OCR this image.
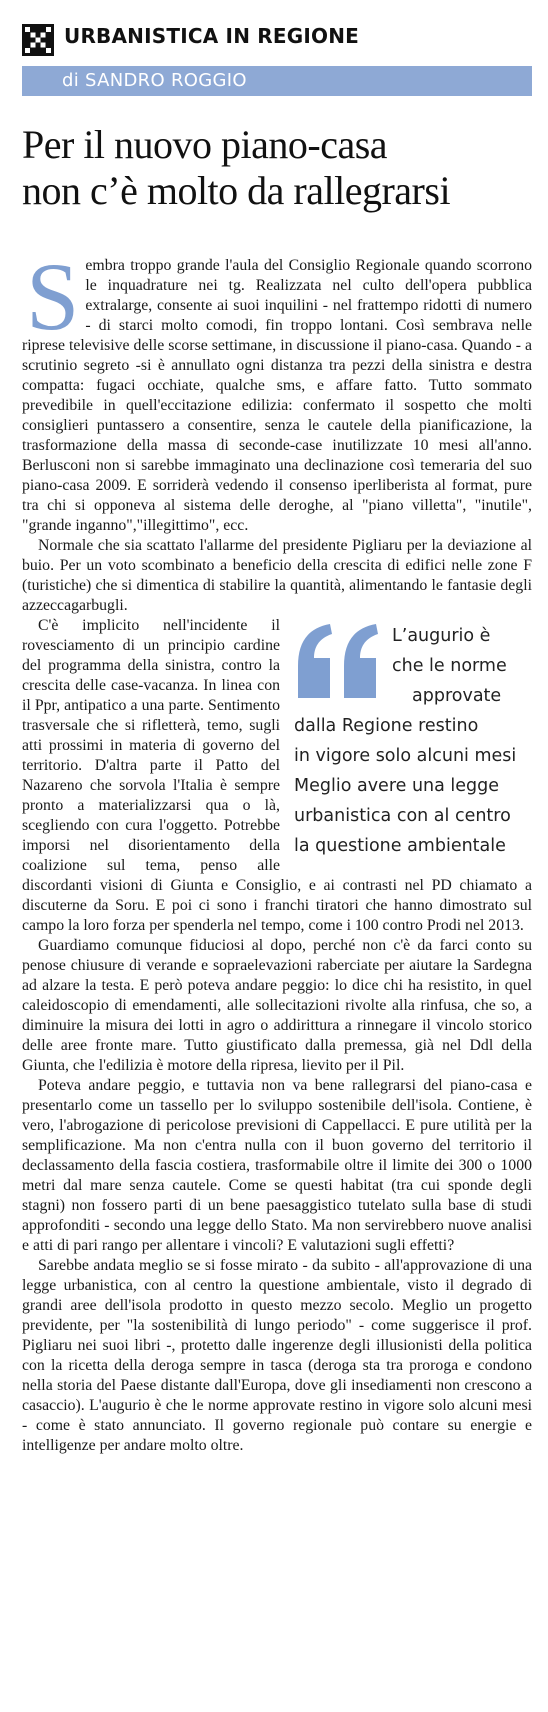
URBANISTICA IN REGIONE
di SANDRO ROGGIO
Per il nuovo piano-casa
non c’è molto da rallegrarsi
S embra troppo grande l'aula del Consiglio Regionale quando scorrono le inquadrature nei tg. Realizzata nel culto dell'opera pubblica extralarge, consente ai suoi inquilini - nel frattempo ridotti di numero - di starci molto comodi, fin troppo lontani. Così sembrava nelle riprese televisive delle scorse settimane, in discussione il piano-casa. Quando - a scrutinio segreto -si è annullato ogni distanza tra pezzi della sinistra e destra compatta: fugaci occhiate, qualche sms, e affare fatto. Tutto sommato prevedibile in quell'eccitazione edilizia: confermato il sospetto che molti consiglieri puntassero a consentire, senza le cautele della pianificazione, la trasformazione della massa di seconde-case inutilizzate 10 mesi all'anno. Berlusconi non si sarebbe immaginato una declinazione così temeraria del suo piano-casa 2009. E sorriderà vedendo il consenso iperliberista al format, pure tra chi si opponeva al sistema delle deroghe, al "piano villetta", "inutile", "grande inganno","illegittimo", ecc.

Normale che sia scattato l'allarme del presidente Pigliaru per la deviazione al buio. Per un voto scombinato a beneficio della crescita di edifici nelle zone F (turistiche) che si dimentica di stabilire la quantità, alimentando le fantasie degli azzeccagarbugli.

L’augurio è
che le norme
approvate
dalla Regione restino
in vigore solo alcuni mesi
Meglio avere una legge
urbanistica con al centro
la questione ambientale

C'è implicito nell'incidente il rovesciamento di un principio cardine del programma della sinistra, contro la crescita delle case-vacanza. In linea con il Ppr, antipatico a una parte. Sentimento trasversale che si rifletterà, temo, sugli atti prossimi in materia di governo del territorio. D'altra parte il Patto del Nazareno che sorvola l'Italia è sempre pronto a materializzarsi qua o là, scegliendo con cura l'oggetto. Potrebbe imporsi nel disorientamento della coalizione sul tema, penso alle discordanti visioni di Giunta e Consiglio, e ai contrasti nel PD chiamato a discuterne da Soru. E poi ci sono i franchi tiratori che hanno dimostrato sul campo la loro forza per spenderla nel tempo, come i 100 contro Prodi nel 2013.

Guardiamo comunque fiduciosi al dopo, perché non c'è da farci conto su penose chiusure di verande e sopraelevazioni raberciate per aiutare la Sardegna ad alzare la testa. E però poteva andare peggio: lo dice chi ha resistito, in quel caleidoscopio di emendamenti, alle sollecitazioni rivolte alla rinfusa, che so, a diminuire la misura dei lotti in agro o addirittura a rinnegare il vincolo storico delle aree fronte mare. Tutto giustificato dalla premessa, già nel Ddl della Giunta, che l'edilizia è motore della ripresa, lievito per il Pil.

Poteva andare peggio, e tuttavia non va bene rallegrarsi del piano-casa e presentarlo come un tassello per lo sviluppo sostenibile dell'isola. Contiene, è vero, l'abrogazione di pericolose previsioni di Cappellacci. E pure utilità per la semplificazione. Ma non c'entra nulla con il buon governo del territorio il declassamento della fascia costiera, trasformabile oltre il limite dei 300 o 1000 metri dal mare senza cautele. Come se questi habitat (tra cui sponde degli stagni) non fossero parti di un bene paesaggistico tutelato sulla base di studi approfonditi - secondo una legge dello Stato. Ma non servirebbero nuove analisi e atti di pari rango per allentare i vincoli? E valutazioni sugli effetti?

Sarebbe andata meglio se si fosse mirato - da subito - all'approvazione di una legge urbanistica, con al centro la questione ambientale, visto il degrado di grandi aree dell'isola prodotto in questo mezzo secolo. Meglio un progetto previdente, per "la sostenibilità di lungo periodo" - come suggerisce il prof. Pigliaru nei suoi libri -, protetto dalle ingerenze degli illusionisti della politica con la ricetta della deroga sempre in tasca (deroga sta tra proroga e condono nella storia del Paese distante dall'Europa, dove gli insediamenti non crescono a casaccio). L'augurio è che le norme approvate restino in vigore solo alcuni mesi - come è stato annunciato. Il governo regionale può contare su energie e intelligenze per andare molto oltre.
